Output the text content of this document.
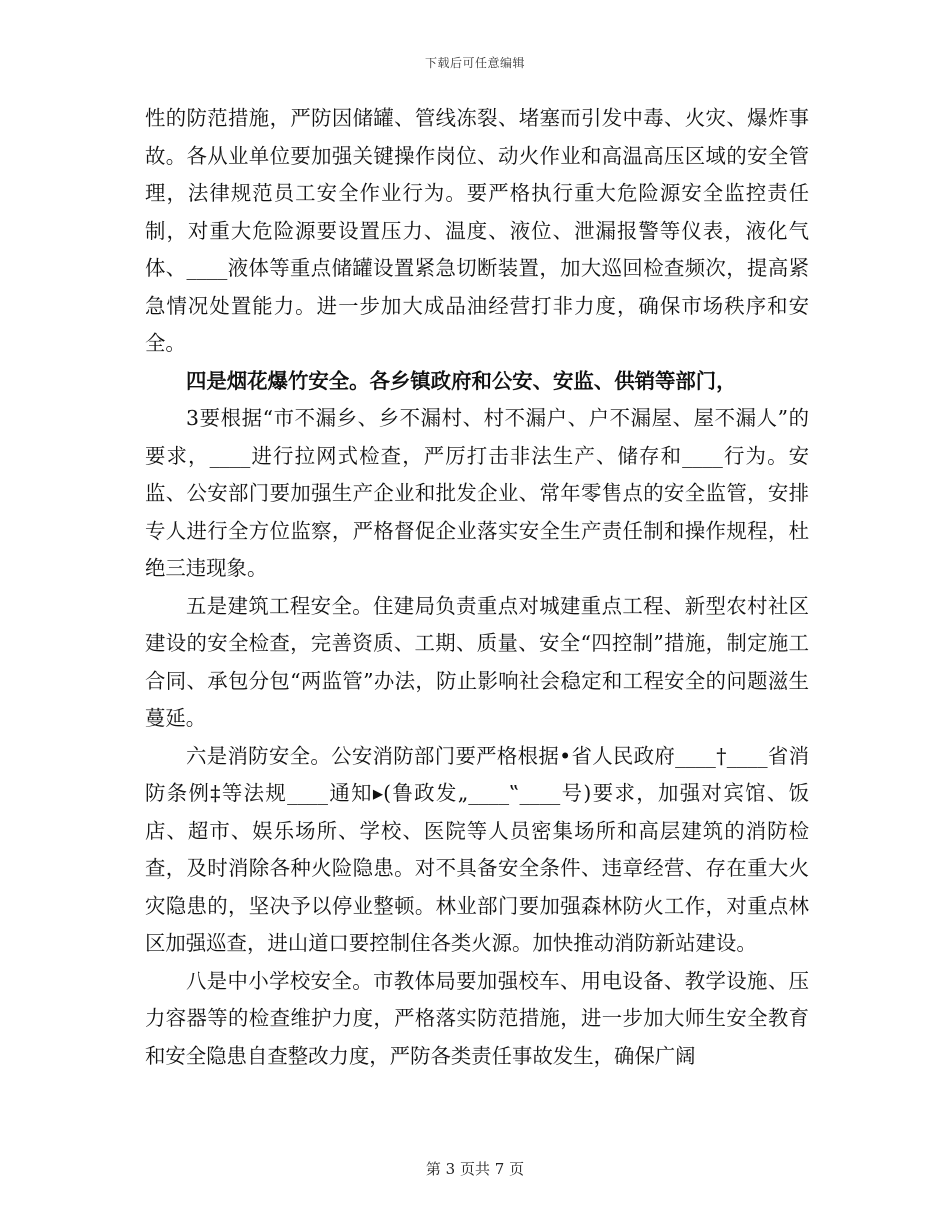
下载后可任意编辑

性的防范措施，严防因储罐、管线冻裂、堵塞而引发中毒、火灾、爆炸事故。各从业单位要加强关键操作岗位、动火作业和高温高压区域的安全管理，法律规范员工安全作业行为。要严格执行重大危险源安全监控责任制，对重大危险源要设置压力、温度、液位、泄漏报警等仪表，液化气体、____液体等重点储罐设置紧急切断装置，加大巡回检查频次，提高紧急情况处置能力。进一步加大成品油经营打非力度，确保市场秩序和安全。

四是烟花爆竹安全。各乡镇政府和公安、安监、供销等部门，

3要根据“市不漏乡、乡不漏村、村不漏户、户不漏屋、屋不漏人”的要求，____进行拉网式检查，严厉打击非法生产、储存和____行为。安监、公安部门要加强生产企业和批发企业、常年零售点的安全监管，安排专人进行全方位监察，严格督促企业落实安全生产责任制和操作规程，杜绝三违现象。

五是建筑工程安全。住建局负责重点对城建重点工程、新型农村社区建设的安全检查，完善资质、工期、质量、安全“四控制”措施，制定施工合同、承包分包“两监管”办法，防止影响社会稳定和工程安全的问题滋生蔓延。

六是消防安全。公安消防部门要严格根据•省人民政府____†____省消防条例‡等法规____通知▸(鲁政发„____‟____号)要求，加强对宾馆、饭店、超市、娱乐场所、学校、医院等人员密集场所和高层建筑的消防检查，及时消除各种火险隐患。对不具备安全条件、违章经营、存在重大火灾隐患的，坚决予以停业整顿。林业部门要加强森林防火工作，对重点林区加强巡查，进山道口要控制住各类火源。加快推动消防新站建设。

八是中小学校安全。市教体局要加强校车、用电设备、教学设施、压力容器等的检查维护力度，严格落实防范措施，进一步加大师生安全教育和安全隐患自查整改力度，严防各类责任事故发生，确保广阔

第 3 页共 7 页
